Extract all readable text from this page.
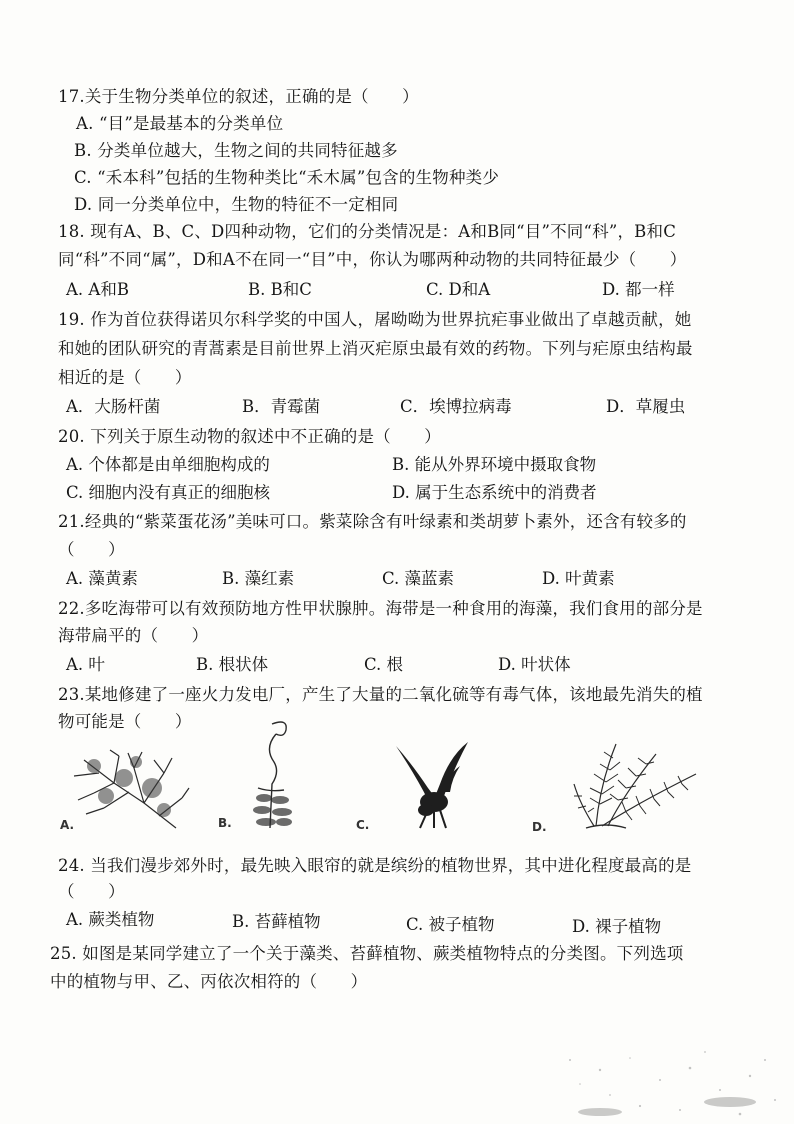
17.关于生物分类单位的叙述，正确的是（　　）
A. “目”是最基本的分类单位
B. 分类单位越大，生物之间的共同特征越多
C. “禾本科”包括的生物种类比“禾木属”包含的生物种类少
D. 同一分类单位中，生物的特征不一定相同
18. 现有A、B、C、D四种动物，它们的分类情况是：A和B同“目”不同“科”，B和C
同“科”不同“属”，D和A不在同一“目”中，你认为哪两种动物的共同特征最少（　　）
A. A和B	B. B和C	C. D和A	D. 都一样
19. 作为首位获得诺贝尔科学奖的中国人，屠呦呦为世界抗疟事业做出了卓越贡献，她
和她的团队研究的青蒿素是目前世界上消灭疟原虫最有效的药物。下列与疟原虫结构最
相近的是（　　）
A．大肠杆菌	B．青霉菌	C．埃博拉病毒	D．草履虫
20. 下列关于原生动物的叙述中不正确的是（　　）
A. 个体都是由单细胞构成的	B. 能从外界环境中摄取食物
C. 细胞内没有真正的细胞核	D. 属于生态系统中的消费者
21.经典的“紫菜蛋花汤”美味可口。紫菜除含有叶绿素和类胡萝卜素外，还含有较多的
（　　）
A. 藻黄素	B. 藻红素	C. 藻蓝素	D. 叶黄素
22.多吃海带可以有效预防地方性甲状腺肿。海带是一种食用的海藻，我们食用的部分是
海带扁平的（　　）
A. 叶	B. 根状体	C. 根	D. 叶状体
23.某地修建了一座火力发电厂，产生了大量的二氧化硫等有毒气体，该地最先消失的植
物可能是（　　）
A.	B.	C.	D.
24. 当我们漫步郊外时，最先映入眼帘的就是缤纷的植物世界，其中进化程度最高的是
（　　）
A. 蕨类植物	B. 苔藓植物	C. 被子植物	D. 裸子植物
25. 如图是某同学建立了一个关于藻类、苔藓植物、蕨类植物特点的分类图。下列选项
中的植物与甲、乙、丙依次相符的（　　）
